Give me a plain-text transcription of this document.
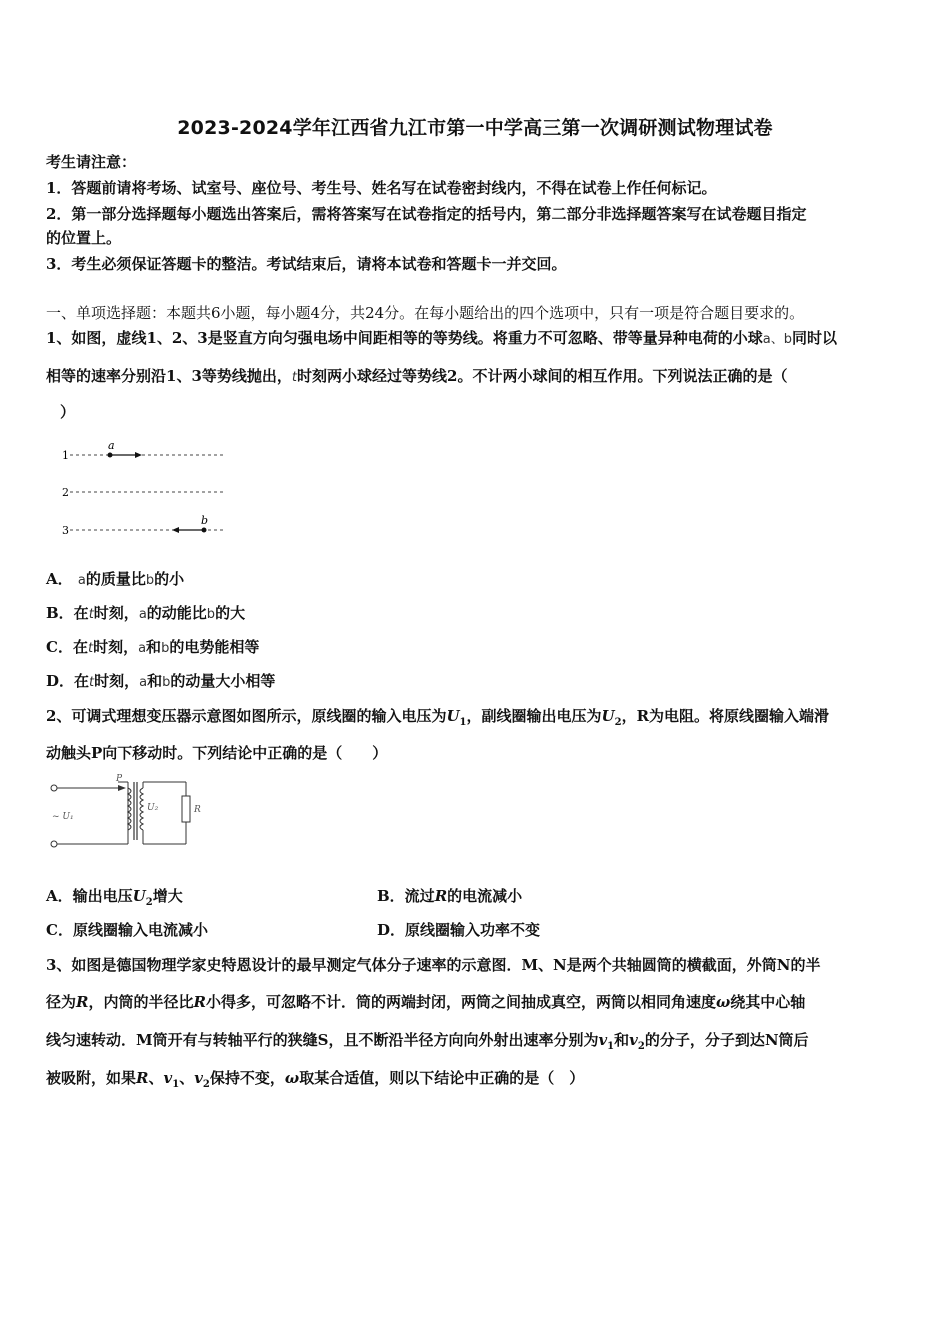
2023-2024学年江西省九江市第一中学高三第一次调研测试物理试卷
考生请注意：
1．答题前请将考场、试室号、座位号、考生号、姓名写在试卷密封线内，不得在试卷上作任何标记。
2．第一部分选择题每小题选出答案后，需将答案写在试卷指定的括号内，第二部分非选择题答案写在试卷题目指定
的位置上。
3．考生必须保证答题卡的整洁。考试结束后，请将本试卷和答题卡一并交回。
一、单项选择题：本题共6小题，每小题4分，共24分。在每小题给出的四个选项中，只有一项是符合题目要求的。
1、如图，虚线1、2、3是竖直方向匀强电场中间距相等的等势线。将重力不可忽略、带等量异种电荷的小球a、b同时以
相等的速率分别沿1、3等势线抛出，t时刻两小球经过等势线2。不计两小球间的相互作用。下列说法正确的是（
）
1
2
3
a
b
A． a的质量比b的小
B．在t时刻，a的动能比b的大
C．在t时刻，a和b的电势能相等
D．在t时刻，a和b的动量大小相等
2、可调式理想变压器示意图如图所示，原线圈的输入电压为$U_1$，副线圈输出电压为$U_2$，R为电阻。将原线圈输入端滑
动触头P向下移动时。下列结论中正确的是（　　）
P
~ U₁
U₂	R
A．输出电压$U_2$增大	B．流过R的电流减小
C．原线圈输入电流减小	D．原线圈输入功率不变
3、如图是德国物理学家史特恩设计的最早测定气体分子速率的示意图．M、N是两个共轴圆筒的横截面，外筒N的半
径为R，内筒的半径比R小得多，可忽略不计．筒的两端封闭，两筒之间抽成真空，两筒以相同角速度ω绕其中心轴
线匀速转动．M筒开有与转轴平行的狭缝S，且不断沿半径方向向外射出速率分别为$v_1$和$v_2$的分子，分子到达N筒后
被吸附，如果R、$v_1$、$v_2$保持不变，ω取某合适值，则以下结论中正确的是（　）
